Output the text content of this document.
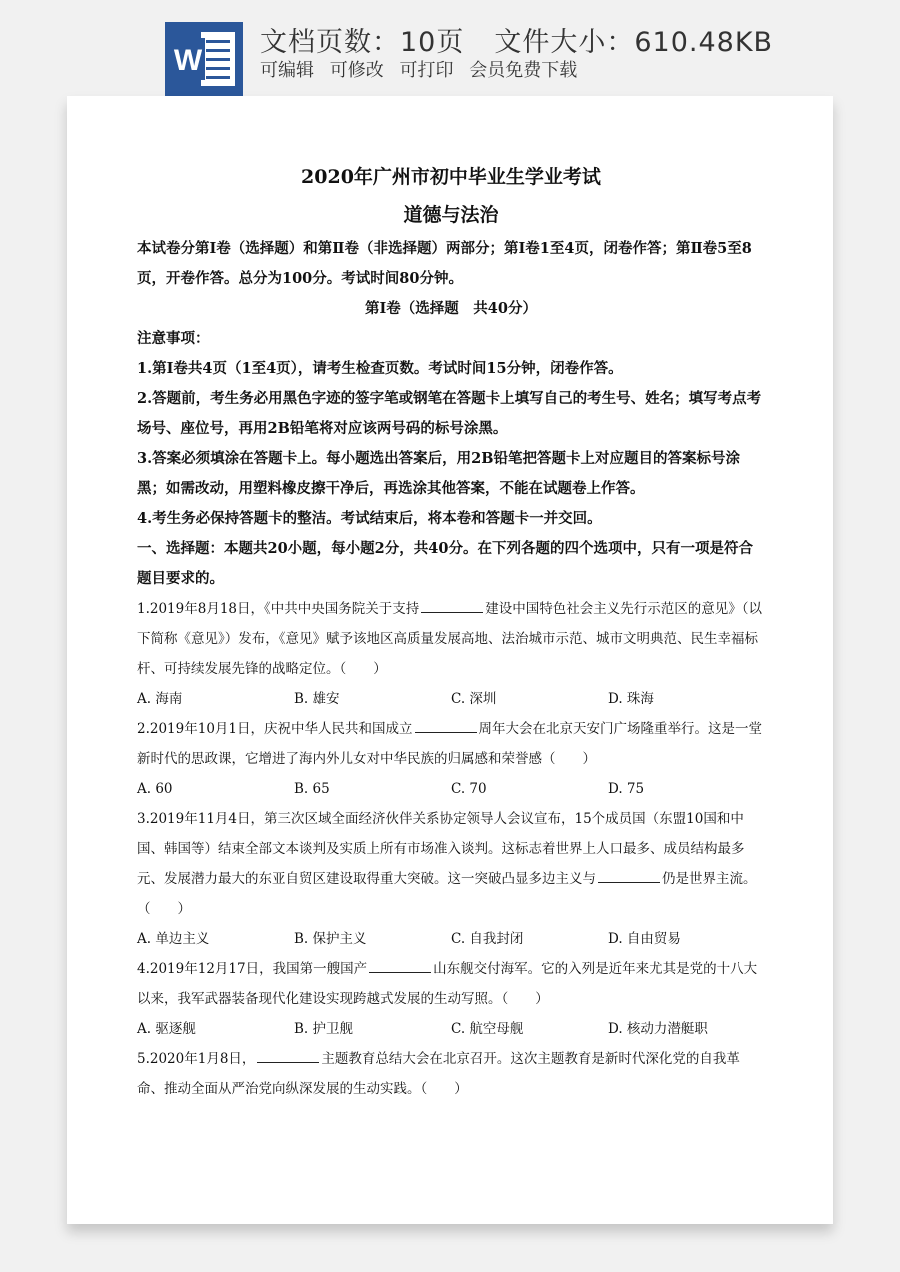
W
文档页数：10页 文件大小：610.48KB
可编辑 可修改 可打印 会员免费下载
2020年广州市初中毕业生学业考试
道德与法治

本试卷分第Ⅰ卷（选择题）和第Ⅱ卷（非选择题）两部分；第Ⅰ卷1至4页，闭卷作答；第Ⅱ卷5至8页，开卷作答。总分为100分。考试时间80分钟。

第Ⅰ卷（选择题　共40分）

注意事项：

1.第Ⅰ卷共4页（1至4页），请考生检查页数。考试时间15分钟，闭卷作答。

2.答题前，考生务必用黑色字迹的签字笔或钢笔在答题卡上填写自己的考生号、姓名；填写考点考场号、座位号，再用2B铅笔将对应该两号码的标号涂黑。

3.答案必须填涂在答题卡上。每小题选出答案后，用2B铅笔把答题卡上对应题目的答案标号涂黑；如需改动，用塑料橡皮擦干净后，再选涂其他答案，不能在试题卷上作答。

4.考生务必保持答题卡的整洁。考试结束后，将本卷和答题卡一并交回。

一、选择题：本题共20小题，每小题2分，共40分。在下列各题的四个选项中，只有一项是符合题目要求的。

1.2019年8月18日，《中共中央国务院关于支持	建设中国特色社会主义先行示范区的意见》（以下简称《意见》）发布，《意见》赋予该地区高质量发展高地、法治城市示范、城市文明典范、民生幸福标杆、可持续发展先锋的战略定位。（　　）

A. 海南	B. 雄安	C. 深圳	D. 珠海

2.2019年10月1日，庆祝中华人民共和国成立	周年大会在北京天安门广场隆重举行。这是一堂新时代的思政课，它增进了海内外儿女对中华民族的归属感和荣誉感（　　）

A. 60	B. 65	C. 70	D. 75

3.2019年11月4日，第三次区域全面经济伙伴关系协定领导人会议宣布，15个成员国（东盟10国和中国、韩国等）结束全部文本谈判及实质上所有市场准入谈判。这标志着世界上人口最多、成员结构最多元、发展潜力最大的东亚自贸区建设取得重大突破。这一突破凸显多边主义与	仍是世界主流。（　　）

A. 单边主义	B. 保护主义	C. 自我封闭	D. 自由贸易

4.2019年12月17日，我国第一艘国产	山东舰交付海军。它的入列是近年来尤其是党的十八大以来，我军武器装备现代化建设实现跨越式发展的生动写照。（　　）

A. 驱逐舰	B. 护卫舰	C. 航空母舰	D. 核动力潜艇职

5.2020年1月8日，	主题教育总结大会在北京召开。这次主题教育是新时代深化党的自我革命、推动全面从严治党向纵深发展的生动实践。（　　）
